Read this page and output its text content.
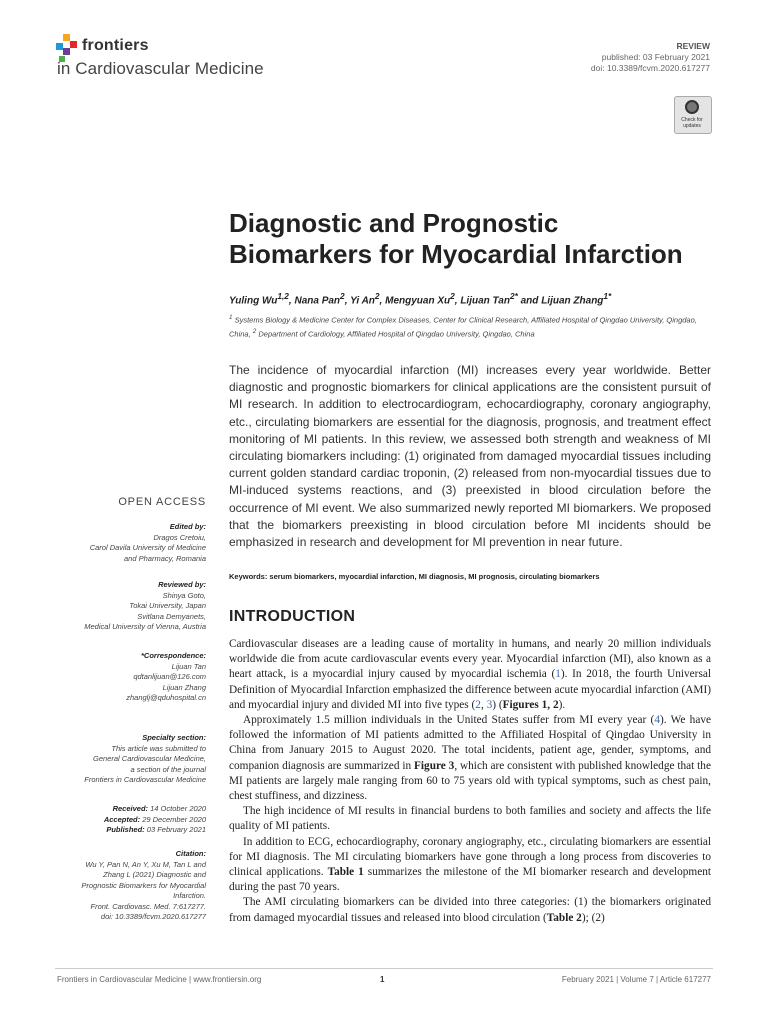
frontiers
in Cardiovascular Medicine
REVIEW
published: 03 February 2021
doi: 10.3389/fcvm.2020.617277
Check for updates
Diagnostic and Prognostic
Biomarkers for Myocardial Infarction
Yuling Wu$^{1,2}$, Nana Pan$^2$, Yi An$^2$, Mengyuan Xu$^2$, Lijuan Tan$^{2*}$ and Lijuan Zhang$^{1*}$
$^1$ Systems Biology & Medicine Center for Complex Diseases, Center for Clinical Research, Affiliated Hospital of Qingdao University, Qingdao, China, $^2$ Department of Cardiology, Affiliated Hospital of Qingdao University, Qingdao, China
The incidence of myocardial infarction (MI) increases every year worldwide. Better diagnostic and prognostic biomarkers for clinical applications are the consistent pursuit of MI research. In addition to electrocardiogram, echocardiography, coronary angiography, etc., circulating biomarkers are essential for the diagnosis, prognosis, and treatment effect monitoring of MI patients. In this review, we assessed both strength and weakness of MI circulating biomarkers including: (1) originated from damaged myocardial tissues including current golden standard cardiac troponin, (2) released from non-myocardial tissues due to MI-induced systems reactions, and (3) preexisted in blood circulation before the occurrence of MI event. We also summarized newly reported MI biomarkers. We proposed that the biomarkers preexisting in blood circulation before MI incidents should be emphasized in research and development for MI prevention in near future.
Keywords: serum biomarkers, myocardial infarction, MI diagnosis, MI prognosis, circulating biomarkers
OPEN ACCESS
Edited by:
Dragos Cretoiu,
Carol Davila University of Medicine
and Pharmacy, Romania
Reviewed by:
Shinya Goto,
Tokai University, Japan
Svitlana Demyanets,
Medical University of Vienna, Austria
*Correspondence:
Lijuan Tan
qdtanlijuan@126.com
Lijuan Zhang
zhanglj@qduhospital.cn
Specialty section:
This article was submitted to
General Cardiovascular Medicine,
a section of the journal
Frontiers in Cardiovascular Medicine
Received: 14 October 2020
Accepted: 29 December 2020
Published: 03 February 2021
Citation:
Wu Y, Pan N, An Y, Xu M, Tan L and
Zhang L (2021) Diagnostic and
Prognostic Biomarkers for Myocardial
Infarction.
Front. Cardiovasc. Med. 7:617277.
doi: 10.3389/fcvm.2020.617277
INTRODUCTION

Cardiovascular diseases are a leading cause of mortality in humans, and nearly 20 million individuals worldwide die from acute cardiovascular events every year. Myocardial infarction (MI), also known as a heart attack, is a myocardial injury caused by myocardial ischemia (1). In 2018, the fourth Universal Definition of Myocardial Infarction emphasized the difference between acute myocardial infarction (AMI) and myocardial injury and divided MI into five types (2, 3) (Figures 1, 2).

Approximately 1.5 million individuals in the United States suffer from MI every year (4). We have followed the information of MI patients admitted to the Affiliated Hospital of Qingdao University in China from January 2015 to August 2020. The total incidents, patient age, gender, symptoms, and companion diagnosis are summarized in Figure 3, which are consistent with published knowledge that the MI patients are largely male ranging from 60 to 75 years old with typical symptoms, such as chest pain, chest stuffiness, and dizziness.

The high incidence of MI results in financial burdens to both families and society and affects the life quality of MI patients.

In addition to ECG, echocardiography, coronary angiography, etc., circulating biomarkers are essential for MI diagnosis. The MI circulating biomarkers have gone through a long process from discoveries to clinical applications. Table 1 summarizes the milestone of the MI biomarker research and development during the past 70 years.

The AMI circulating biomarkers can be divided into three categories: (1) the biomarkers originated from damaged myocardial tissues and released into blood circulation (Table 2); (2)

Frontiers in Cardiovascular Medicine | www.frontiersin.org	1	February 2021 | Volume 7 | Article 617277
